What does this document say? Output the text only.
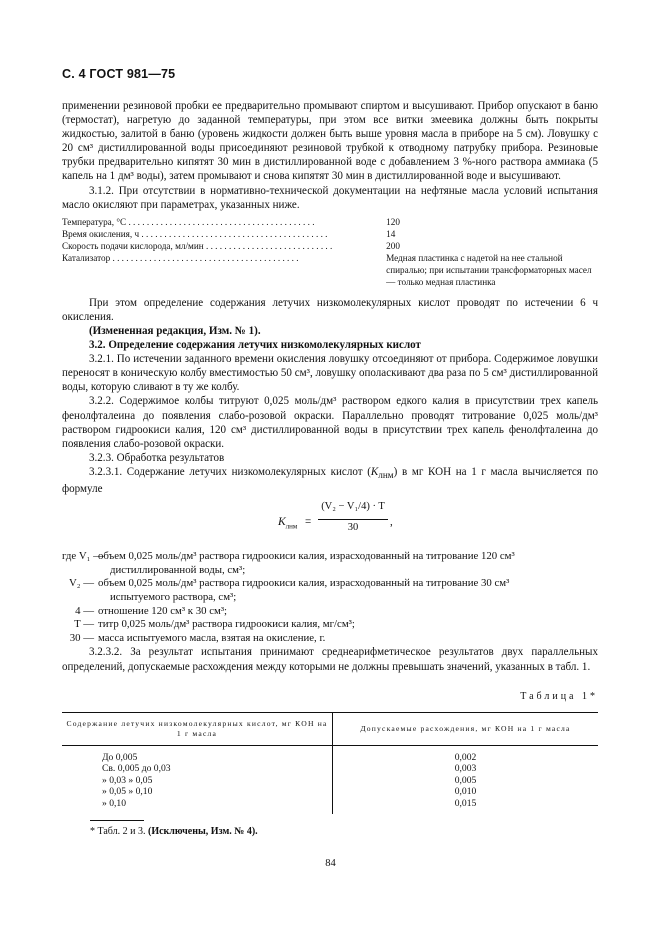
С. 4 ГОСТ 981—75

применении резиновой пробки ее предварительно промывают спиртом и высушивают. Прибор опускают в баню (термостат), нагретую до заданной температуры, при этом все витки змеевика должны быть покрыты жидкостью, залитой в баню (уровень жидкости должен быть выше уровня масла в приборе на 5 см). Ловушку с 20 см³ дистиллированной воды присоединяют резиновой трубкой к отводному патрубку прибора. Резиновые трубки предварительно кипятят 30 мин в дистиллированной воде с добавлением 3 %-ного раствора аммиака (5 капель на 1 дм³ воды), затем промывают и снова кипятят 30 мин в дистиллированной воде и высушивают.

3.1.2. При отсутствии в нормативно-технической документации на нефтяные масла условий испытания масло окисляют при параметрах, указанных ниже.

Температура, °С . . .	120
Время окисления, ч . . .	14
Скорость подачи кислорода, мл/мин . . .	200
Катализатор . . .	Медная пластинка с надетой на нее стальной спиралью; при испытании трансформаторных масел — только медная пластинка

При этом определение содержания летучих низкомолекулярных кислот проводят по истечении 6 ч окисления.

(Измененная редакция, Изм. № 1).

3.2. Определение содержания летучих низкомолекулярных кислот

3.2.1. По истечении заданного времени окисления ловушку отсоединяют от прибора. Содержимое ловушки переносят в коническую колбу вместимостью 50 см³, ловушку ополаскивают два раза по 5 см³ дистиллированной воды, которую сливают в ту же колбу.

3.2.2. Содержимое колбы титруют 0,025 моль/дм³ раствором едкого калия в присутствии трех капель фенолфталеина до появления слабо-розовой окраски. Параллельно проводят титрование 0,025 моль/дм³ раствором гидроокиси калия, 120 см³ дистиллированной воды в присутствии трех капель фенолфталеина до появления слабо-розовой окраски.

3.2.3. Обработка результатов

3.2.3.1. Содержание летучих низкомолекулярных кислот $(K_{лнм})$ в мг КОН на 1 г масла вычисляется по формуле

$K_{лнм}$ =
(V₂ − V₁/4) · T
30	,
где V₁ —
объем 0,025 моль/дм³ раствора гидроокиси калия, израсходованный на титрование 120 см³
дистиллированной воды, см³;
V₂ — объем 0,025 моль/дм³ раствора гидроокиси калия, израсходованный на титрование 30 см³
испытуемого раствора, см³;
4 — отношение 120 см³ к 30 см³;
T — титр 0,025 моль/дм³ раствора гидроокиси калия, мг/см³;
30 — масса испытуемого масла, взятая на окисление, г.

3.2.3.2. За результат испытания принимают среднеарифметическое результатов двух параллельных определений, допускаемые расхождения между которыми не должны превышать значений, указанных в табл. 1.

Таблица 1*
Содержание летучих низкомолекулярных кислот, мг КОН на 1 г масла	Допускаемые расхождения, мг КОН на 1 г масла
До 0,005	0,002
Св. 0,005 до 0,03	0,003
» 0,03 » 0,05	0,005
» 0,05 » 0,10	0,010
» 0,10	0,015
* Табл. 2 и 3. (Исключены, Изм. № 4).
84
